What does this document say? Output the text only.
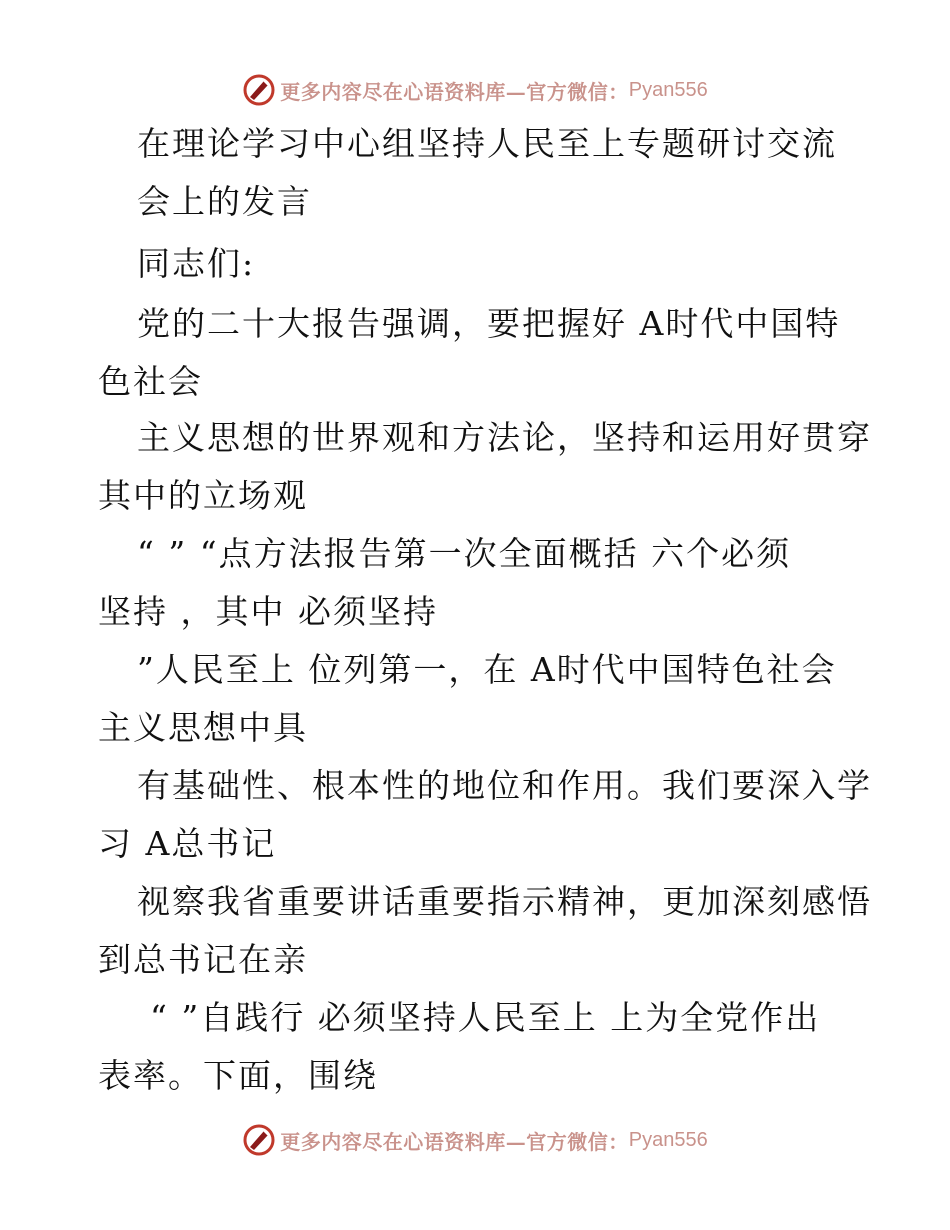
更多内容尽在心语资料库—官方微信： Pyan556
在理论学习中心组坚持人民至上专题研讨交流
会上的发言
同志们:
党的二十大报告强调，要把握好 A时代中国特
色社会
主义思想的世界观和方法论，坚持和运用好贯穿
其中的立场观
“ ” “点方法报告第一次全面概括 六个必须
坚持 ，其中 必须坚持
”人民至上 位列第一，在 A时代中国特色社会
主义思想中具
有基础性、根本性的地位和作用。我们要深入学
习 A总书记
视察我省重要讲话重要指示精神，更加深刻感悟
到总书记在亲
“ ”自践行 必须坚持人民至上 上为全党作出
表率。下面，围绕
更多内容尽在心语资料库—官方微信： Pyan556
